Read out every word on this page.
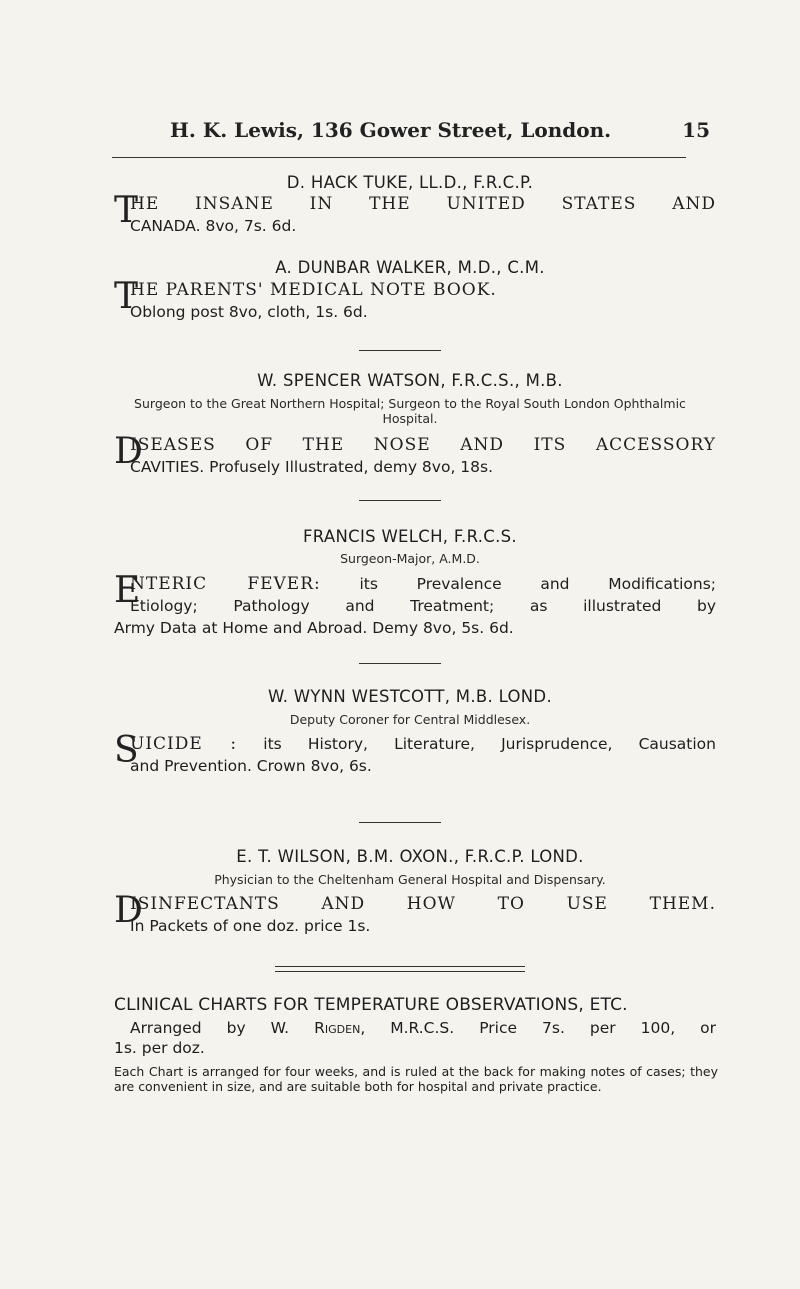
H. K. Lewis, 136 Gower Street, London.	15
D. HACK TUKE, LL.D., F.R.C.P.
T
HE INSANE IN THE UNITED STATES AND
CANADA. 8vo, 7s. 6d.
A. DUNBAR WALKER, M.D., C.M.
T
HE PARENTS' MEDICAL NOTE BOOK.
Oblong post 8vo, cloth, 1s. 6d.
W. SPENCER WATSON, F.R.C.S., M.B.
Surgeon to the Great Northern Hospital; Surgeon to the Royal South London Ophthalmic Hospital.
D
ISEASES OF THE NOSE AND ITS ACCESSORY
CAVITIES. Profusely Illustrated, demy 8vo, 18s.
FRANCIS WELCH, F.R.C.S.
Surgeon-Major, A.M.D.
E
NTERIC FEVER: its Prevalence and Modifications;
Etiology; Pathology and Treatment; as illustrated by
Army Data at Home and Abroad. Demy 8vo, 5s. 6d.
W. WYNN WESTCOTT, M.B. LOND.
Deputy Coroner for Central Middlesex.
S
UICIDE : its History, Literature, Jurisprudence, Causation
and Prevention. Crown 8vo, 6s.
E. T. WILSON, B.M. OXON., F.R.C.P. LOND.
Physician to the Cheltenham General Hospital and Dispensary.
D
ISINFECTANTS AND HOW TO USE THEM.
In Packets of one doz. price 1s.
CLINICAL CHARTS FOR TEMPERATURE OBSERVATIONS, ETC.
Arranged by W. Rigden, M.R.C.S. Price 7s. per 100, or
1s. per doz.
Each Chart is arranged for four weeks, and is ruled at the back for making notes of cases; they are convenient in size, and are suitable both for hospital and private practice.
